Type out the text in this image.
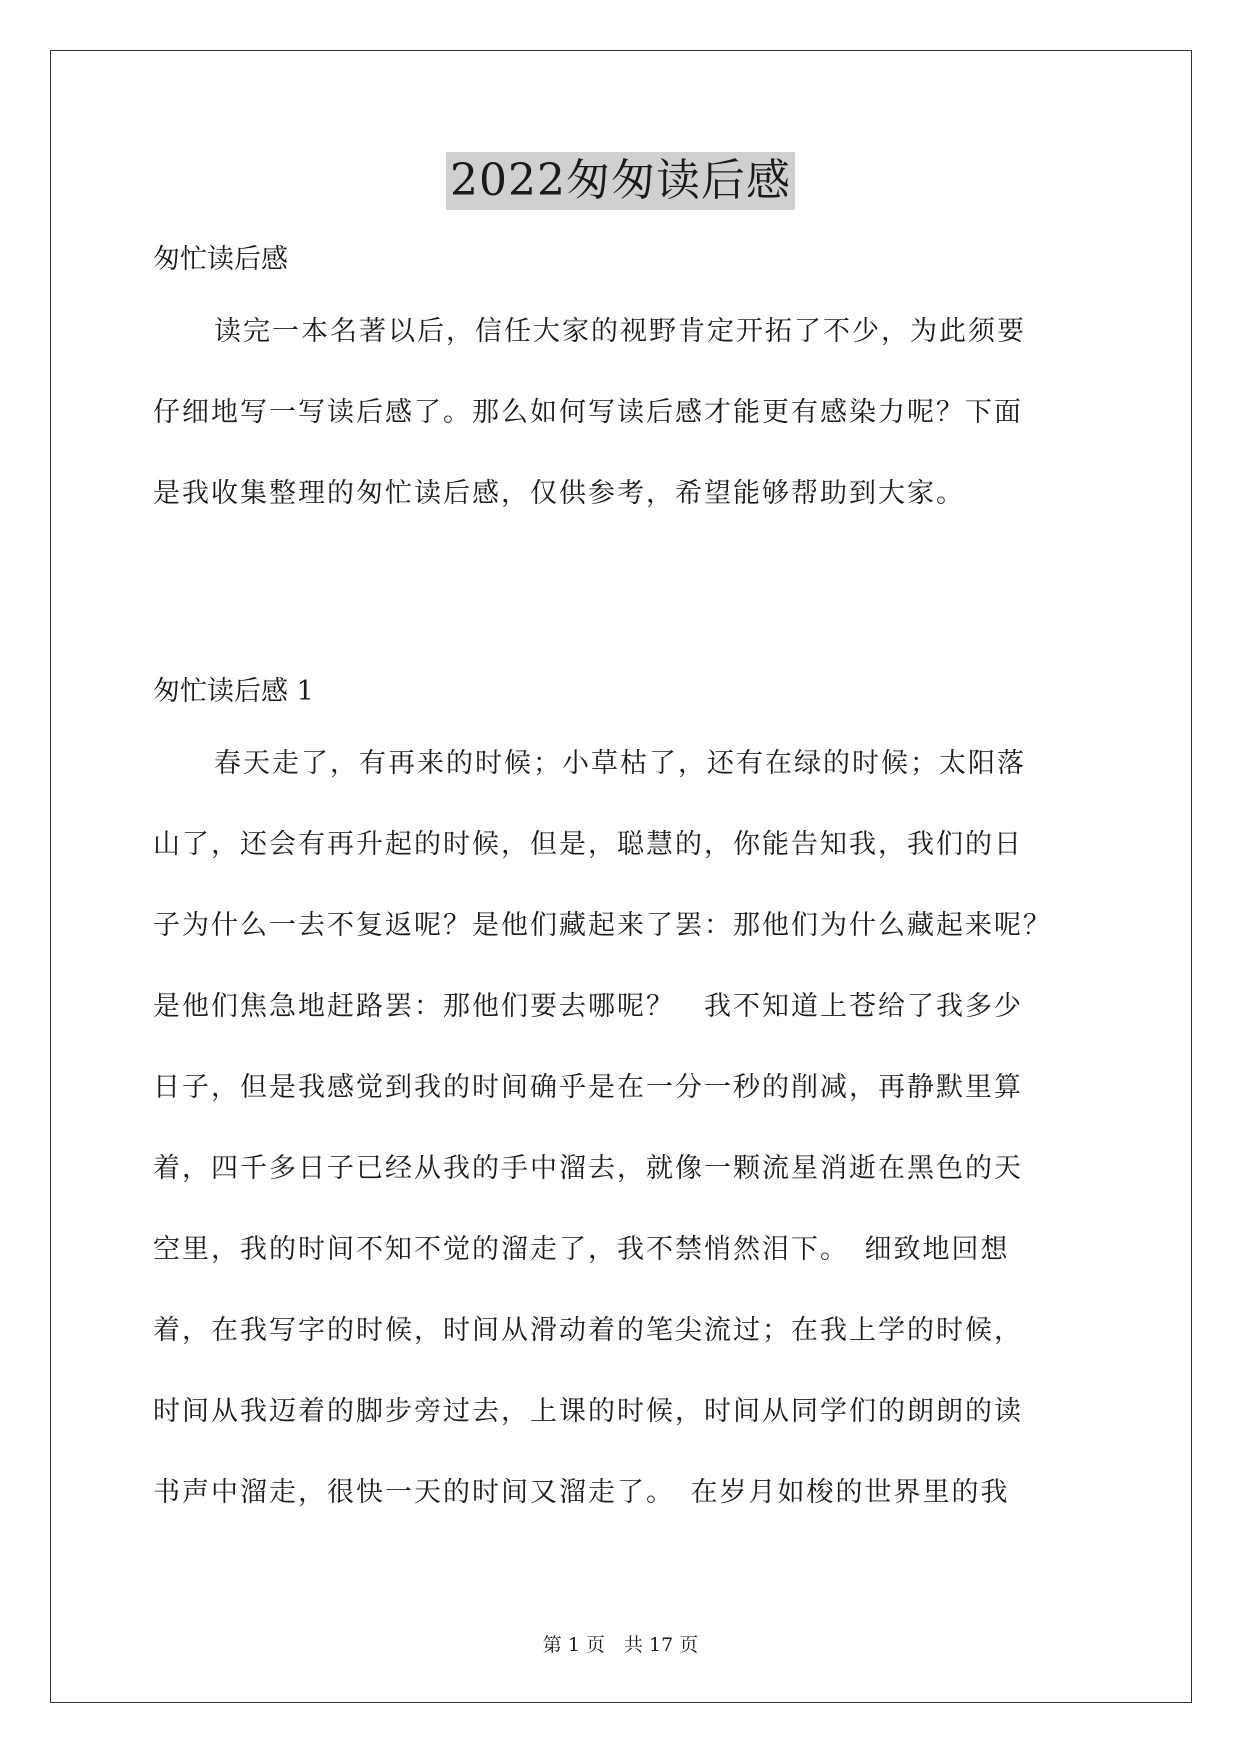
2022匆匆读后感
匆忙读后感
读完一本名著以后，信任大家的视野肯定开拓了不少，为此须要
仔细地写一写读后感了。那么如何写读后感才能更有感染力呢？下面
是我收集整理的匆忙读后感，仅供参考，希望能够帮助到大家。
匆忙读后感 1
春天走了，有再来的时候；小草枯了，还有在绿的时候；太阳落
山了，还会有再升起的时候，但是，聪慧的，你能告知我，我们的日
子为什么一去不复返呢？是他们藏起来了罢：那他们为什么藏起来呢？
是他们焦急地赶路罢：那他们要去哪呢？　我不知道上苍给了我多少
日子，但是我感觉到我的时间确乎是在一分一秒的削减，再静默里算
着，四千多日子已经从我的手中溜去，就像一颗流星消逝在黑色的天
空里，我的时间不知不觉的溜走了，我不禁悄然泪下。　细致地回想
着，在我写字的时候，时间从滑动着的笔尖流过；在我上学的时候，
时间从我迈着的脚步旁过去，上课的时候，时间从同学们的朗朗的读
书声中溜走，很快一天的时间又溜走了。　在岁月如梭的世界里的我
第 1 页　共 17 页
